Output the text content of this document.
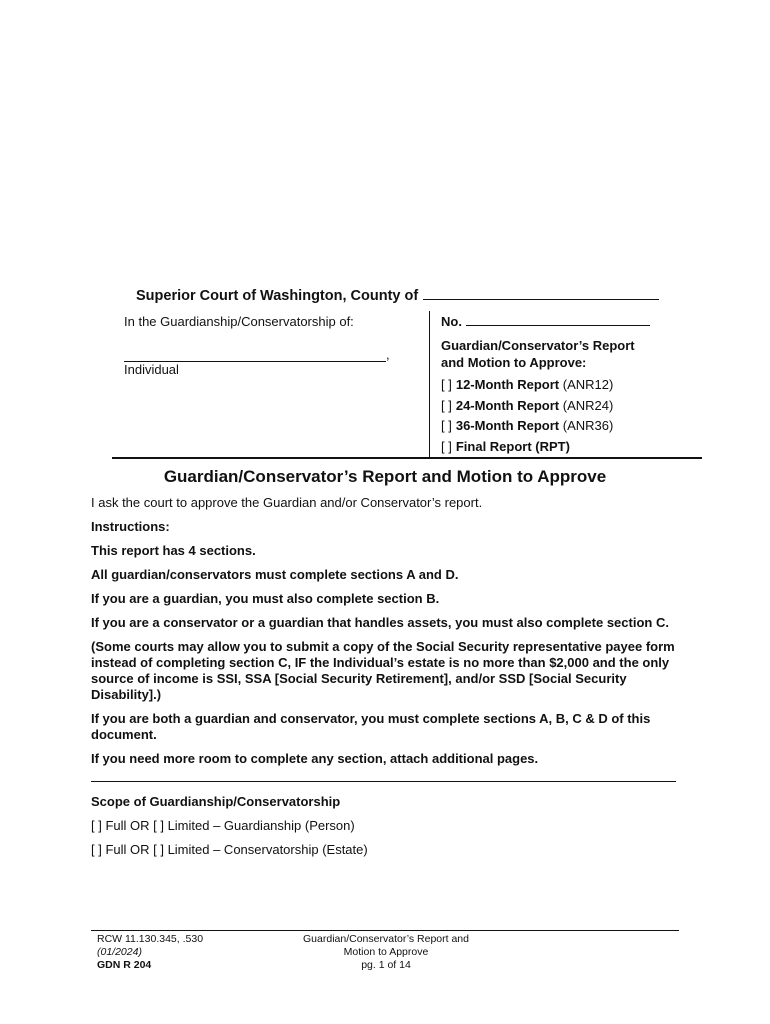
Superior Court of Washington, County of
In the Guardianship/Conservatorship of:
,
Individual
No.
Guardian/Conservator’s Report
and Motion to Approve:
[ ] 12-Month Report (ANR12)
[ ] 24-Month Report (ANR24)
[ ] 36-Month Report (ANR36)
[ ] Final Report (RPT)
Guardian/Conservator’s Report and Motion to Approve

I ask the court to approve the Guardian and/or Conservator’s report.

Instructions:

This report has 4 sections.

All guardian/conservators must complete sections A and D.

If you are a guardian, you must also complete section B.

If you are a conservator or a guardian that handles assets, you must also complete section C.

(Some courts may allow you to submit a copy of the Social Security representative payee form instead of completing section C, IF the Individual’s estate is no more than $2,000 and the only source of income is SSI, SSA [Social Security Retirement], and/or SSD [Social Security Disability].)

If you are both a guardian and conservator, you must complete sections A, B, C & D of this document.

If you need more room to complete any section, attach additional pages.

Scope of Guardianship/Conservatorship

[ ] Full OR [ ] Limited – Guardianship (Person)

[ ] Full OR [ ] Limited – Conservatorship (Estate)

RCW 11.130.345, .530
(01/2024)
GDN R 204
Guardian/Conservator’s Report and
Motion to Approve
pg. 1 of 14
